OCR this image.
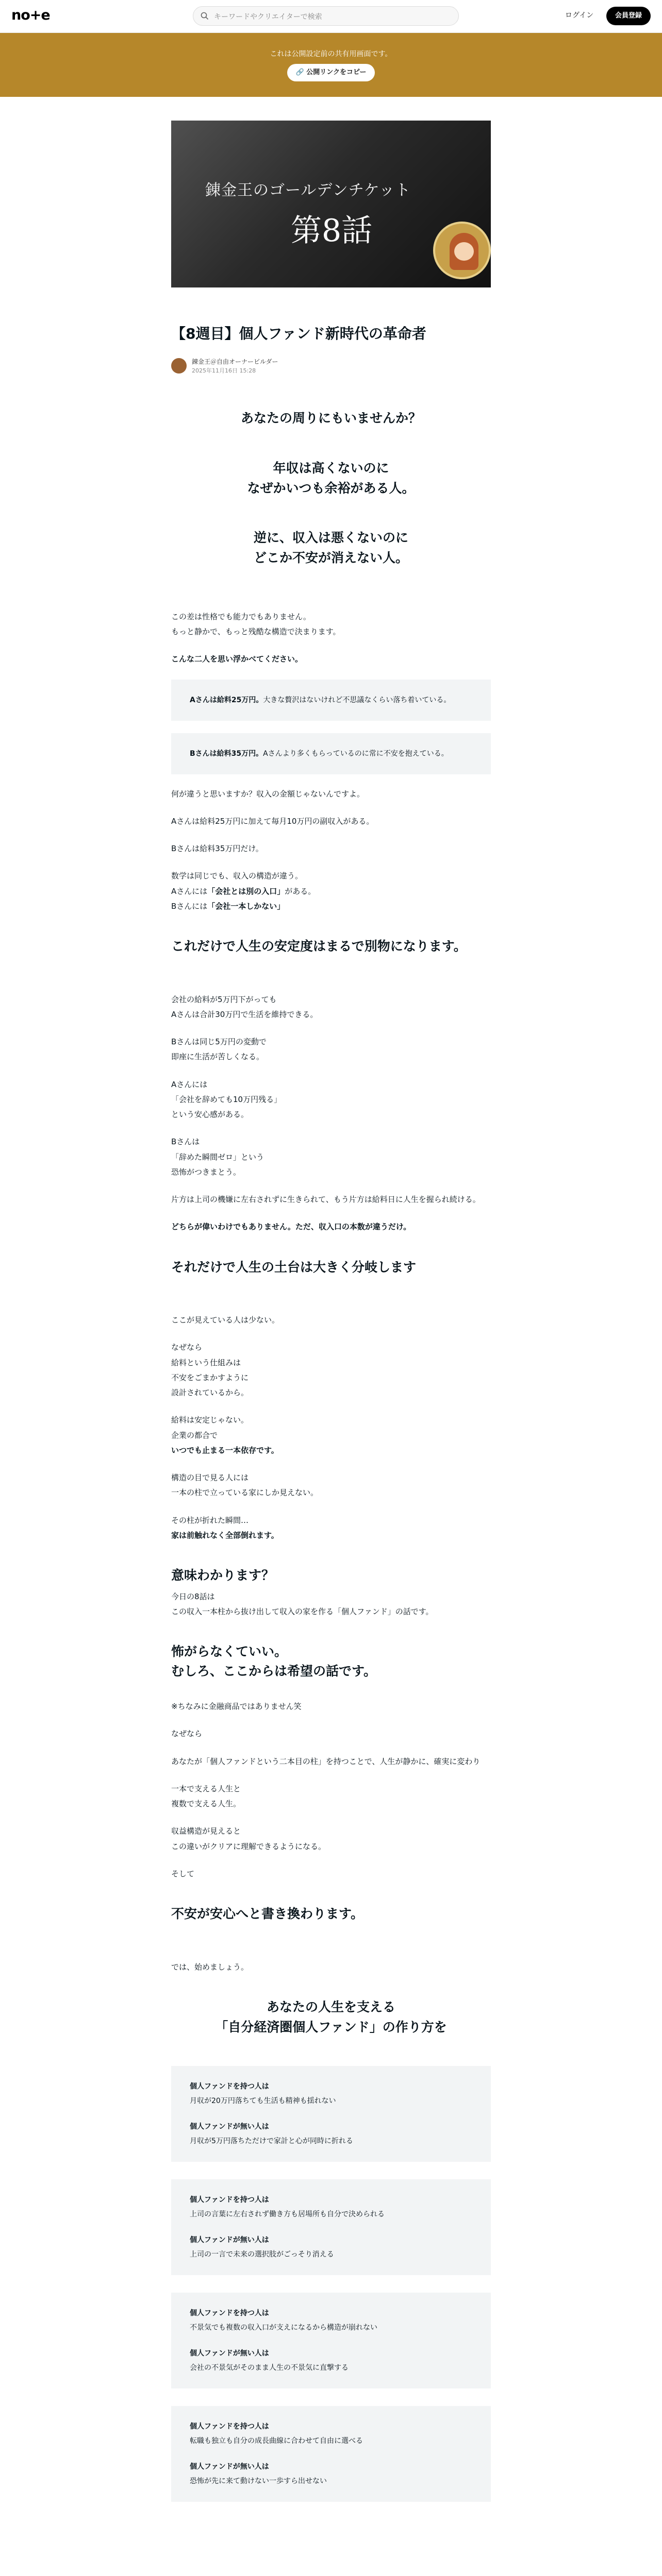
no+e	キーワードやクリエイターで検索	ログイン	会員登録
これは公開設定前の共有用画面です。
🔗 公開リンクをコピー
錬金王のゴールデンチケット
第8話
【8週目】個人ファンド新時代の革命者
錬金王＠自由オーナービルダー
2025年11月16日 15:28
あなたの周りにもいませんか？
年収は高くないのに
なぜかいつも余裕がある人。
逆に、収入は悪くないのに
どこか不安が消えない人。
この差は性格でも能力でもありません。
もっと静かで、もっと残酷な構造で決まります。
こんな二人を思い浮かべてください。
Aさんは給料25万円。大きな贅沢はないけれど不思議なくらい落ち着いている。
Bさんは給料35万円。Aさんより多くもらっているのに常に不安を抱えている。
何が違うと思いますか？収入の金額じゃないんですよ。
Aさんは給料25万円に加えて毎月10万円の副収入がある。
Bさんは給料35万円だけ。
数学は同じでも、収入の構造が違う。
Aさんには「会社とは別の入口」がある。
Bさんには「会社一本しかない」
これだけで人生の安定度はまるで別物になります。
会社の給料が5万円下がっても
Aさんは合計30万円で生活を維持できる。
Bさんは同じ5万円の変動で
即座に生活が苦しくなる。
Aさんには
「会社を辞めても10万円残る」
という安心感がある。
Bさんは
「辞めた瞬間ゼロ」という
恐怖がつきまとう。
片方は上司の機嫌に左右されずに生きられて、もう片方は給料日に人生を握られ続ける。
どちらが偉いわけでもありません。ただ、収入口の本数が違うだけ。
それだけで人生の土台は大きく分岐します
ここが見えている人は少ない。
なぜなら
給料という仕組みは
不安をごまかすように
設計されているから。
給料は安定じゃない。
企業の都合で
いつでも止まる一本依存です。
構造の目で見る人には
一本の柱で立っている家にしか見えない。
その柱が折れた瞬間…
家は前触れなく全部倒れます。
意味わかります？
今日の8話は
この収入一本柱から抜け出して収入の家を作る「個人ファンド」の話です。
怖がらなくていい。
むしろ、ここからは希望の話です。
※ちなみに金融商品ではありません笑
なぜなら
あなたが「個人ファンドという二本目の柱」を持つことで、人生が静かに、確実に変わり
一本で支える人生と
複数で支える人生。
収益構造が見えると
この違いがクリアに理解できるようになる。
そして
不安が安心へと書き換わります。
では、始めましょう。
あなたの人生を支える
「自分経済圏個人ファンド」の作り方を
個人ファンドを持つ人は
月収が20万円落ちても生活も精神も揺れない
個人ファンドが無い人は
月収が5万円落ちただけで家計と心が同時に折れる
個人ファンドを持つ人は
上司の言葉に左右されず働き方も居場所も自分で決められる
個人ファンドが無い人は
上司の一言で未来の選択肢がごっそり消える
個人ファンドを持つ人は
不景気でも複数の収入口が支えになるから構造が崩れない
個人ファンドが無い人は
会社の不景気がそのまま人生の不景気に直撃する
個人ファンドを持つ人は
転職も独立も自分の成長曲線に合わせて自由に選べる
個人ファンドが無い人は
恐怖が先に来て動けない一歩すら出せない
